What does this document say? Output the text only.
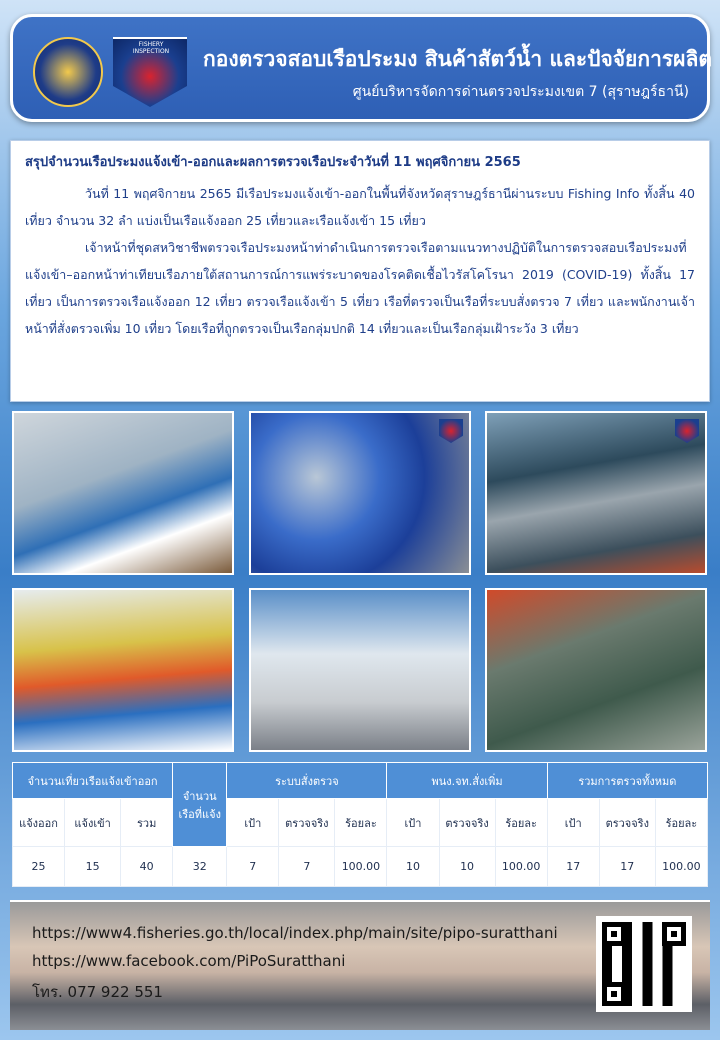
FISHERY INSPECTION	กองตรวจสอบเรือประมง สินค้าสัตว์น้ำ และปัจจัยการผลิต
ศูนย์บริหารจัดการด่านตรวจประมงเขต 7 (สุราษฎร์ธานี)
สรุปจำนวนเรือประมงแจ้งเข้า-ออกและผลการตรวจเรือประจำวันที่ 11 พฤศจิกายน 2565

วันที่ 11 พฤศจิกายน 2565 มีเรือประมงแจ้งเข้า-ออกในพื้นที่จังหวัดสุราษฎร์ธานีผ่านระบบ Fishing Info ทั้งสิ้น 40 เที่ยว จำนวน 32 ลำ แบ่งเป็นเรือแจ้งออก 25 เที่ยวและเรือแจ้งเข้า 15 เที่ยว

เจ้าหน้าที่ชุดสหวิชาชีพตรวจเรือประมงหน้าท่าดำเนินการตรวจเรือตามแนวทางปฏิบัติในการตรวจสอบเรือประมงที่แจ้งเข้า–ออกหน้าท่าเทียบเรือภายใต้สถานการณ์การแพร่ระบาดของโรคติดเชื้อไวรัสโคโรนา 2019 (COVID-19) ทั้งสิ้น 17 เที่ยว เป็นการตรวจเรือแจ้งออก 12 เที่ยว ตรวจเรือแจ้งเข้า 5 เที่ยว เรือที่ตรวจเป็นเรือที่ระบบสั่งตรวจ 7 เที่ยว และพนักงานเจ้าหน้าที่สั่งตรวจเพิ่ม 10 เที่ยว โดยเรือที่ถูกตรวจเป็นเรือกลุ่มปกติ 14 เที่ยวและเป็นเรือกลุ่มเฝ้าระวัง 3 เที่ยว

จำนวนเที่ยวเรือแจ้งเข้าออก			จำนวนเรือที่แจ้ง	ระบบสั่งตรวจ			พนง.จท.สั่งเพิ่ม			รวมการตรวจทั้งหมด		
แจ้งออก	แจ้งเข้า	รวม		เป้า	ตรวจจริง	ร้อยละ	เป้า	ตรวจจริง	ร้อยละ	เป้า	ตรวจจริง	ร้อยละ
25	15	40	32	7	7	100.00	10	10	100.00	17	17	100.00
https://www4.fisheries.go.th/local/index.php/main/site/pipo-suratthani
https://www.facebook.com/PiPoSuratthani
โทร. 077 922 551
